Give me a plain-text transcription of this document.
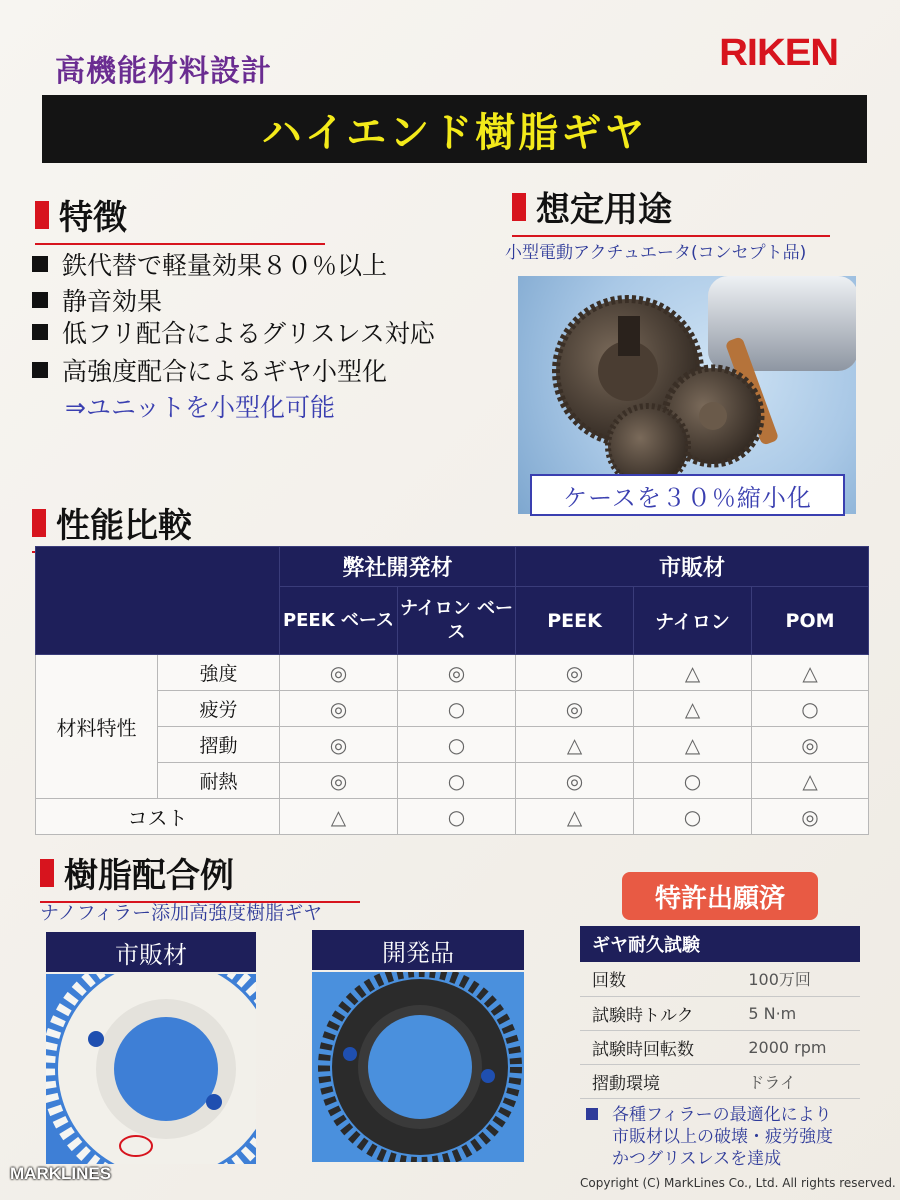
高機能材料設計	RIKEN
ハイエンド樹脂ギヤ
特徴
鉄代替で軽量効果８０％以上
静音効果
低フリ配合によるグリスレス対応
高強度配合によるギヤ小型化
⇒ユニットを小型化可能
想定用途
小型電動アクチュエータ(コンセプト品)
ケースを３０％縮小化
性能比較
		弊社開発材		市販材		
		PEEK ベース	ナイロン ベース	PEEK	ナイロン	POM
材料特性	強度	◎	◎	◎	△	△
	疲労	◎	○	◎	△	○
	摺動	◎	○	△	△	◎
	耐熱	◎	○	◎	○	△
コスト		△	○	△	○	◎
樹脂配合例
ナノフィラー添加高強度樹脂ギヤ
市販材	開発品
特許出願済
ギヤ耐久試験	
回数	100万回
試験時トルク	5 N·m
試験時回転数	2000 rpm
摺動環境	ドライ
各種フィラーの最適化により
市販材以上の破壊・疲労強度
かつグリスレスを達成
MARKLINES	Copyright (C) MarkLines Co., Ltd. All rights reserved.
